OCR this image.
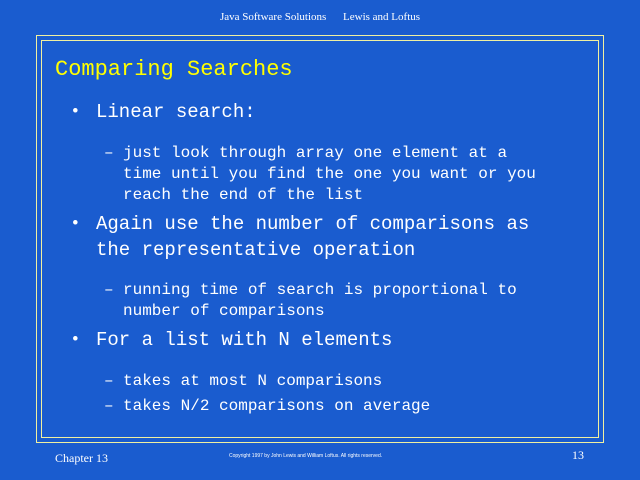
Java Software Solutions Lewis and Loftus
Comparing Searches
• Linear search:
– just look through array one element at a
time until you find the one you want or you
reach the end of the list
• Again use the number of comparisons as
the representative operation
– running time of search is proportional to
number of comparisons
• For a list with N elements
– takes at most N comparisons
– takes N/2 comparisons on average
Chapter 13	Copyright 1997 by John Lewis and William Loftus. All rights reserved.	13
